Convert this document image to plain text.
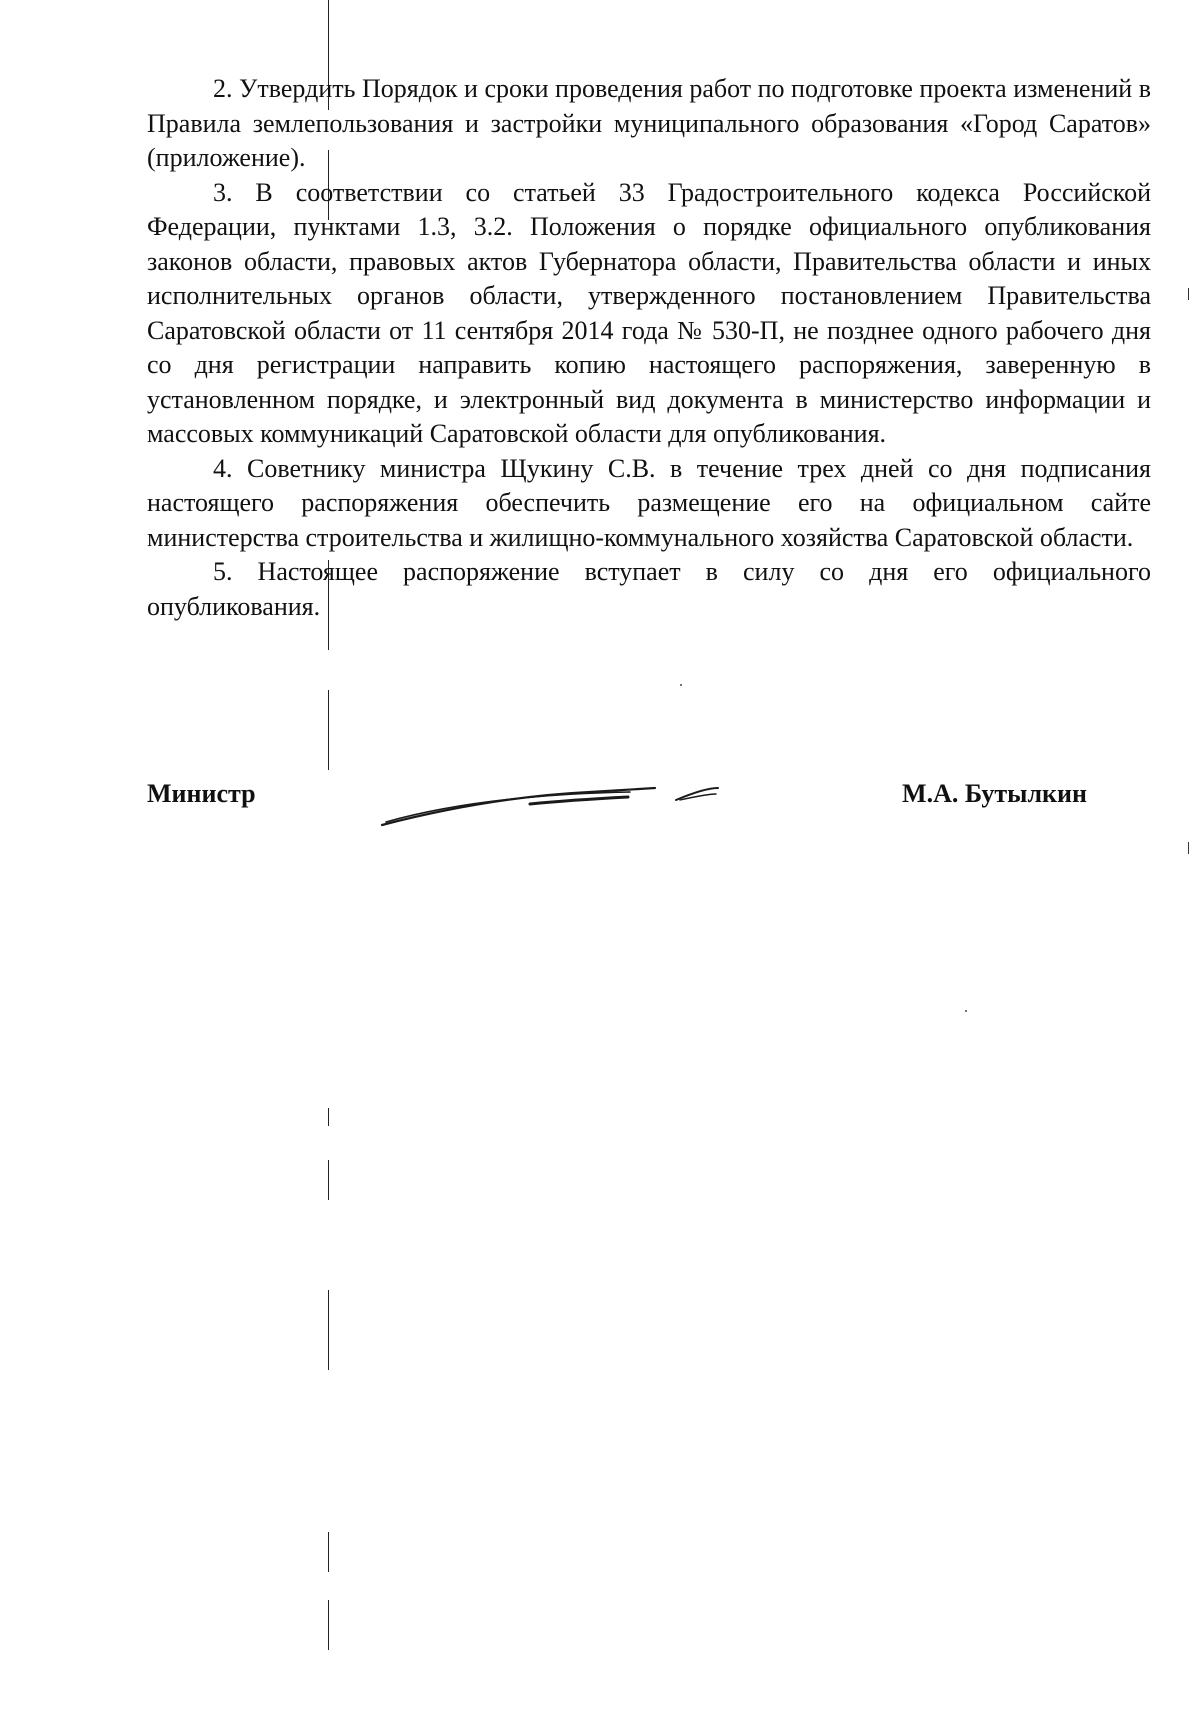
2. Утвердить Порядок и сроки проведения работ по подготовке проекта изменений в Правила землепользования и застройки муниципального образования «Город Саратов» (приложение).

3. В соответствии со статьей 33 Градостроительного кодекса Российской Федерации, пунктами 1.3, 3.2. Положения о порядке официального опубликования законов области, правовых актов Губернатора области, Правительства области и иных исполнительных органов области, утвержденного постановлением Правительства Саратовской области от 11 сентября 2014 года № 530-П, не позднее одного рабочего дня со дня регистрации направить копию настоящего распоряжения, заверенную в установленном порядке, и электронный вид документа в министерство информации и массовых коммуникаций Саратовской области для опубликования.

4. Советнику министра Щукину С.В. в течение трех дней со дня подписания настоящего распоряжения обеспечить размещение его на официальном сайте министерства строительства и жилищно-коммунального хозяйства Саратовской области.

5. Настоящее распоряжение вступает в силу со дня его официального опубликования.

Министр	М.А. Бутылкин
